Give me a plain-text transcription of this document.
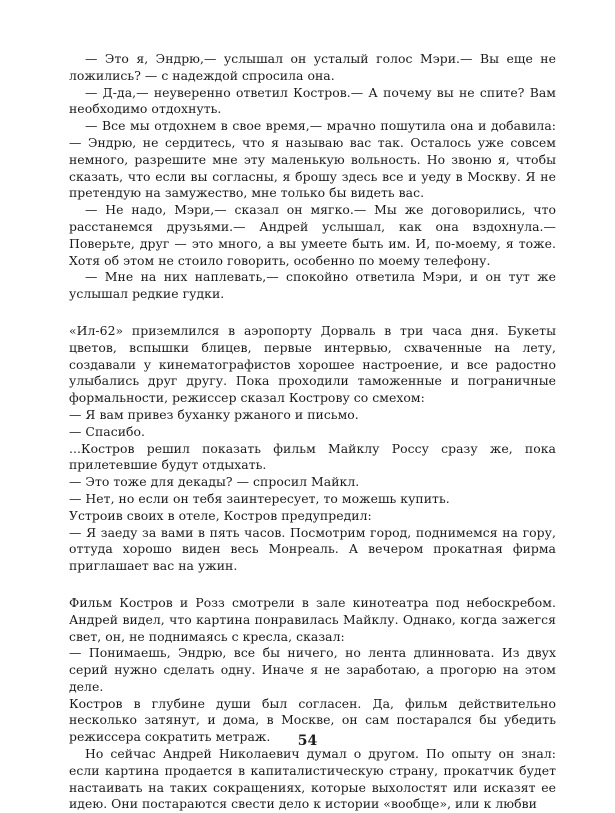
— Это я, Эндрю,— услышал он усталый голос Мэри.— Вы еще не ложились? — с надеждой спросила она.

— Д-да,— неуверенно ответил Костров.— А почему вы не спите? Вам необходимо отдохнуть.

— Все мы отдохнем в свое время,— мрачно пошутила она и добавила: — Эндрю, не сердитесь, что я называю вас так. Осталось уже совсем немного, разрешите мне эту маленькую вольность. Но звоню я, чтобы сказать, что если вы согласны, я брошу здесь все и уеду в Москву. Я не претендую на замужество, мне только бы видеть вас.

— Не надо, Мэри,— сказал он мягко.— Мы же договорились, что расстанемся друзьями.— Андрей услышал, как она вздохнула.— Поверьте, друг — это много, а вы умеете быть им. И, по-моему, я тоже. Хотя об этом не стоило говорить, особенно по моему телефону.

— Мне на них наплевать,— спокойно ответила Мэри, и он тут же услышал редкие гудки.

«Ил-62» приземлился в аэропорту Дорваль в три часа дня. Букеты цветов, вспышки блицев, первые интервью, схваченные на лету, создавали у кинематографистов хорошее настроение, и все радостно улыбались друг другу. Пока проходили таможенные и пограничные формальности, режиссер сказал Кострову со смехом:

— Я вам привез буханку ржаного и письмо.

— Спасибо.

...Костров решил показать фильм Майклу Россу сразу же, пока прилетевшие будут отдыхать.

— Это тоже для декады? — спросил Майкл.

— Нет, но если он тебя заинтересует, то можешь купить.

Устроив своих в отеле, Костров предупредил:

— Я заеду за вами в пять часов. Посмотрим город, поднимемся на гору, оттуда хорошо виден весь Монреаль. А вечером прокатная фирма приглашает вас на ужин.

Фильм Костров и Розз смотрели в зале кинотеатра под небоскребом. Андрей видел, что картина понравилась Майклу. Однако, когда зажегся свет, он, не поднимаясь с кресла, сказал:

— Понимаешь, Эндрю, все бы ничего, но лента длинновата. Из двух серий нужно сделать одну. Иначе я не заработаю, а прогорю на этом деле.

Костров в глубине души был согласен. Да, фильм действительно несколько затянут, и дома, в Москве, он сам постарался бы убедить режиссера сократить метраж.

Но сейчас Андрей Николаевич думал о другом. По опыту он знал: если картина продается в капиталистическую страну, прокатчик будет настаивать на таких сокращениях, которые выхолостят или исказят ее идею. Они постараются свести дело к истории «вообще», или к любви

54
